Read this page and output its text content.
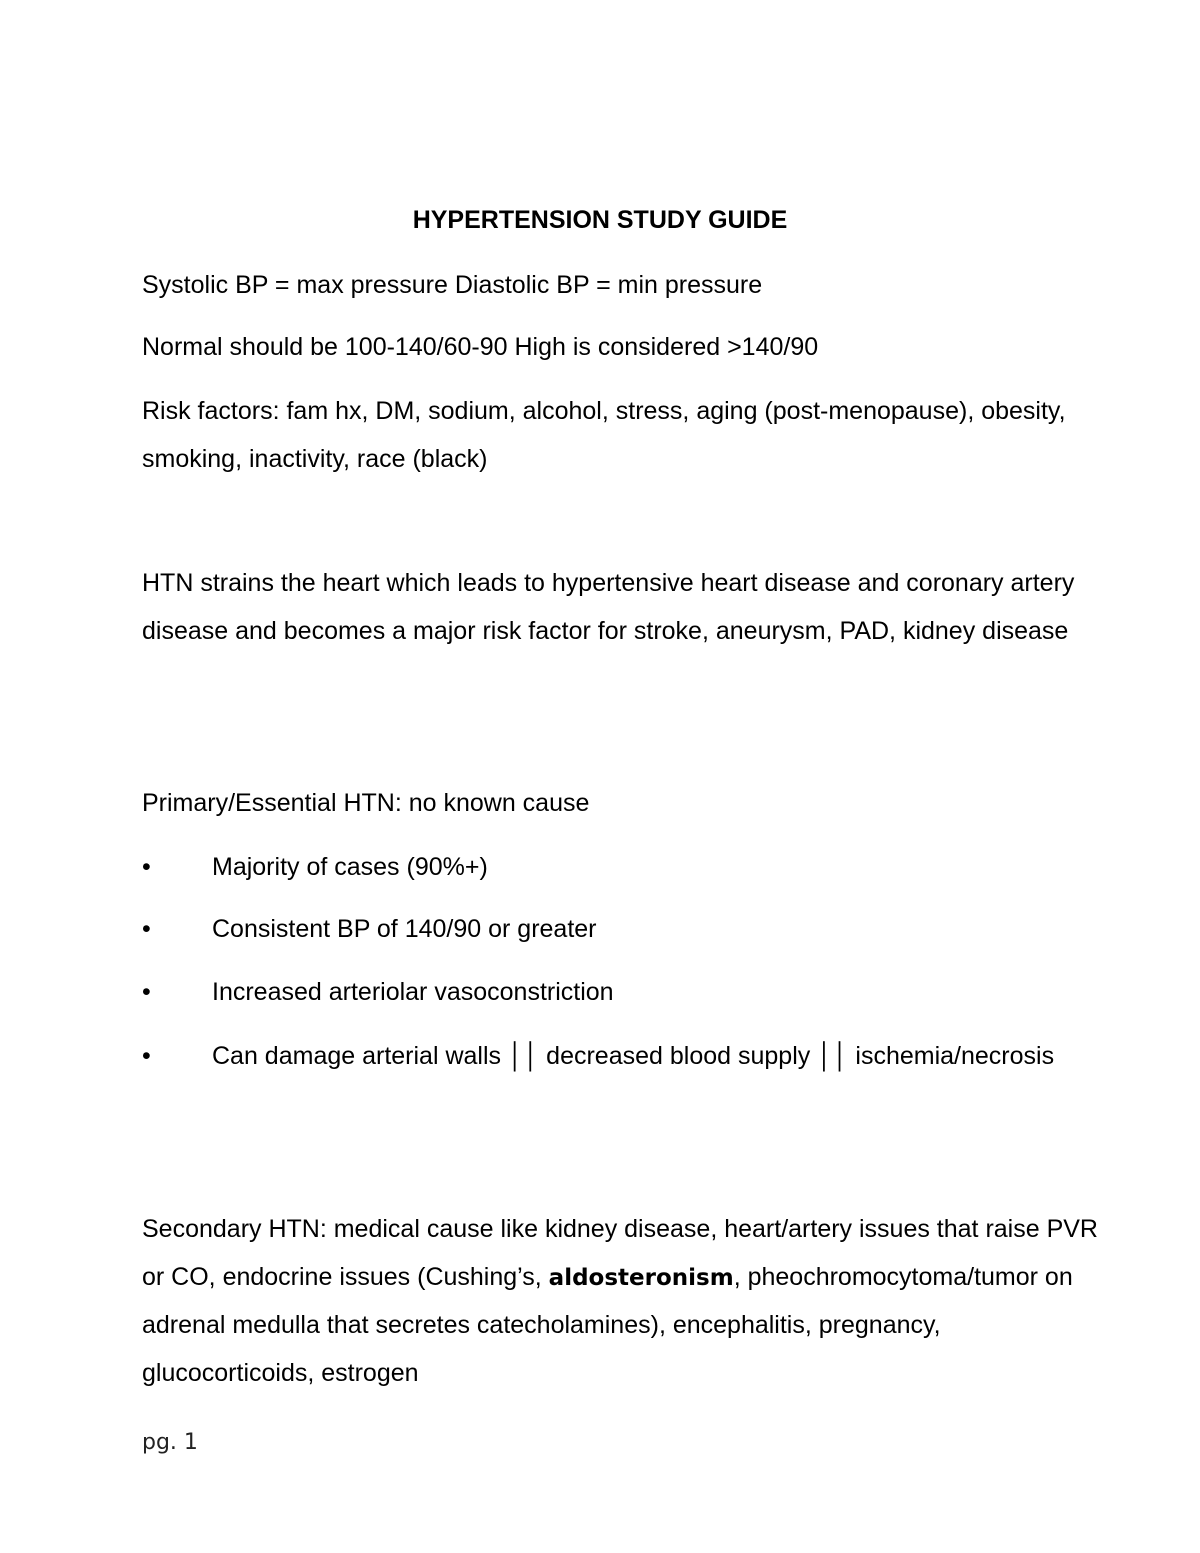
HYPERTENSION STUDY GUIDE

Systolic BP = max pressure Diastolic BP = min pressure

Normal should be 100-140/60-90 High is considered >140/90

Risk factors: fam hx, DM, sodium, alcohol, stress, aging (post-menopause), obesity, smoking, inactivity, race (black)

HTN strains the heart which leads to hypertensive heart disease and coronary artery disease and becomes a major risk factor for stroke, aneurysm, PAD, kidney disease

Primary/Essential HTN: no known cause

•	Majority of cases (90%+)
•	Consistent BP of 140/90 or greater
•	Increased arteriolar vasoconstriction
•	Can damage arterial walls ││ decreased blood supply ││ ischemia/necrosis

Secondary HTN: medical cause like kidney disease, heart/artery issues that raise PVR or CO, endocrine issues (Cushing’s, aldosteronism, pheochromocytoma/tumor on adrenal medulla that secretes catecholamines), encephalitis, pregnancy, glucocorticoids, estrogen

pg. 1
